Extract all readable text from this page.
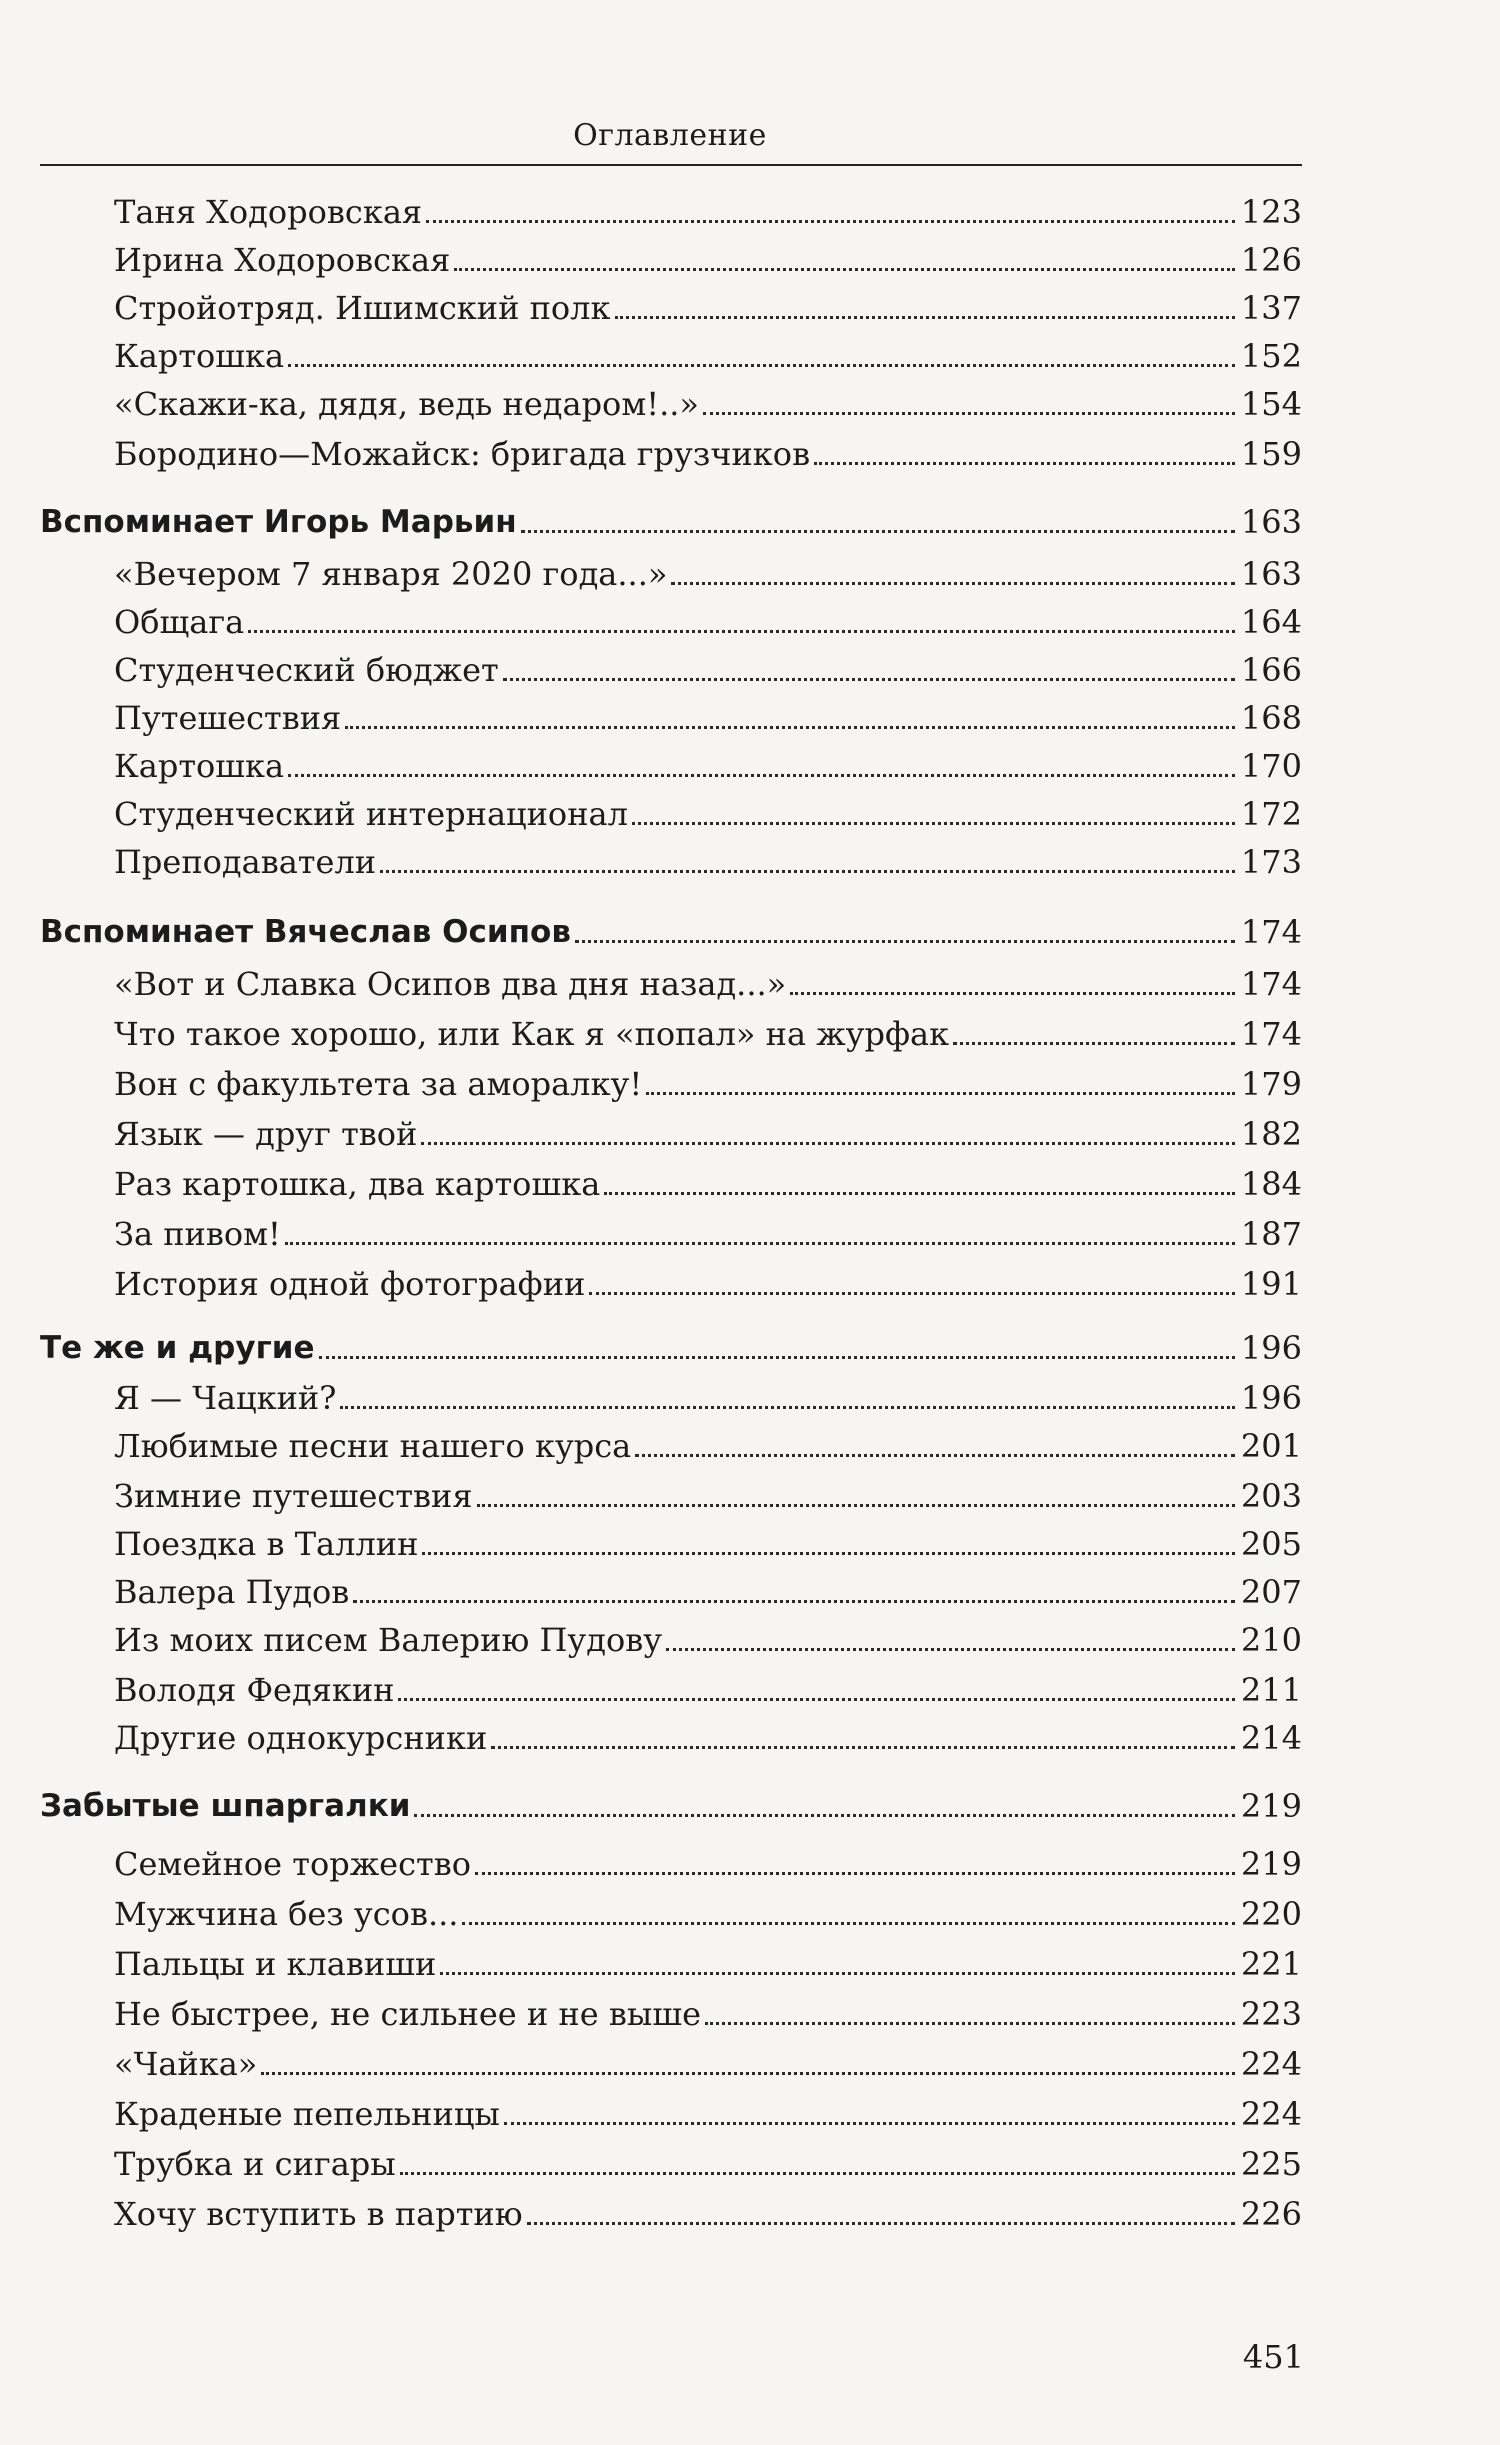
Оглавление
Таня Ходоровская	123
Ирина Ходоровская	126
Стройотряд. Ишимский полк	137
Картошка	152
«Скажи-ка, дядя, ведь недаром!..»	154
Бородино—Можайск: бригада грузчиков	159
Вспоминает Игорь Марьин	163
«Вечером 7 января 2020 года...»	163
Общага	164
Студенческий бюджет	166
Путешествия	168
Картошка	170
Студенческий интернационал	172
Преподаватели	173
Вспоминает Вячеслав Осипов	174
«Вот и Славка Осипов два дня назад...»	174
Что такое хорошо, или Как я «попал» на журфак	174
Вон с факультета за аморалку!	179
Язык — друг твой	182
Раз картошка, два картошка	184
За пивом!	187
История одной фотографии	191
Те же и другие	196
Я — Чацкий?	196
Любимые песни нашего курса	201
Зимние путешествия	203
Поездка в Таллин	205
Валера Пудов	207
Из моих писем Валерию Пудову	210
Володя Федякин	211
Другие однокурсники	214
Забытые шпаргалки	219
Семейное торжество	219
Мужчина без усов...	220
Пальцы и клавиши	221
Не быстрее, не сильнее и не выше	223
«Чайка»	224
Краденые пепельницы	224
Трубка и сигары	225
Хочу вступить в партию	226
451
